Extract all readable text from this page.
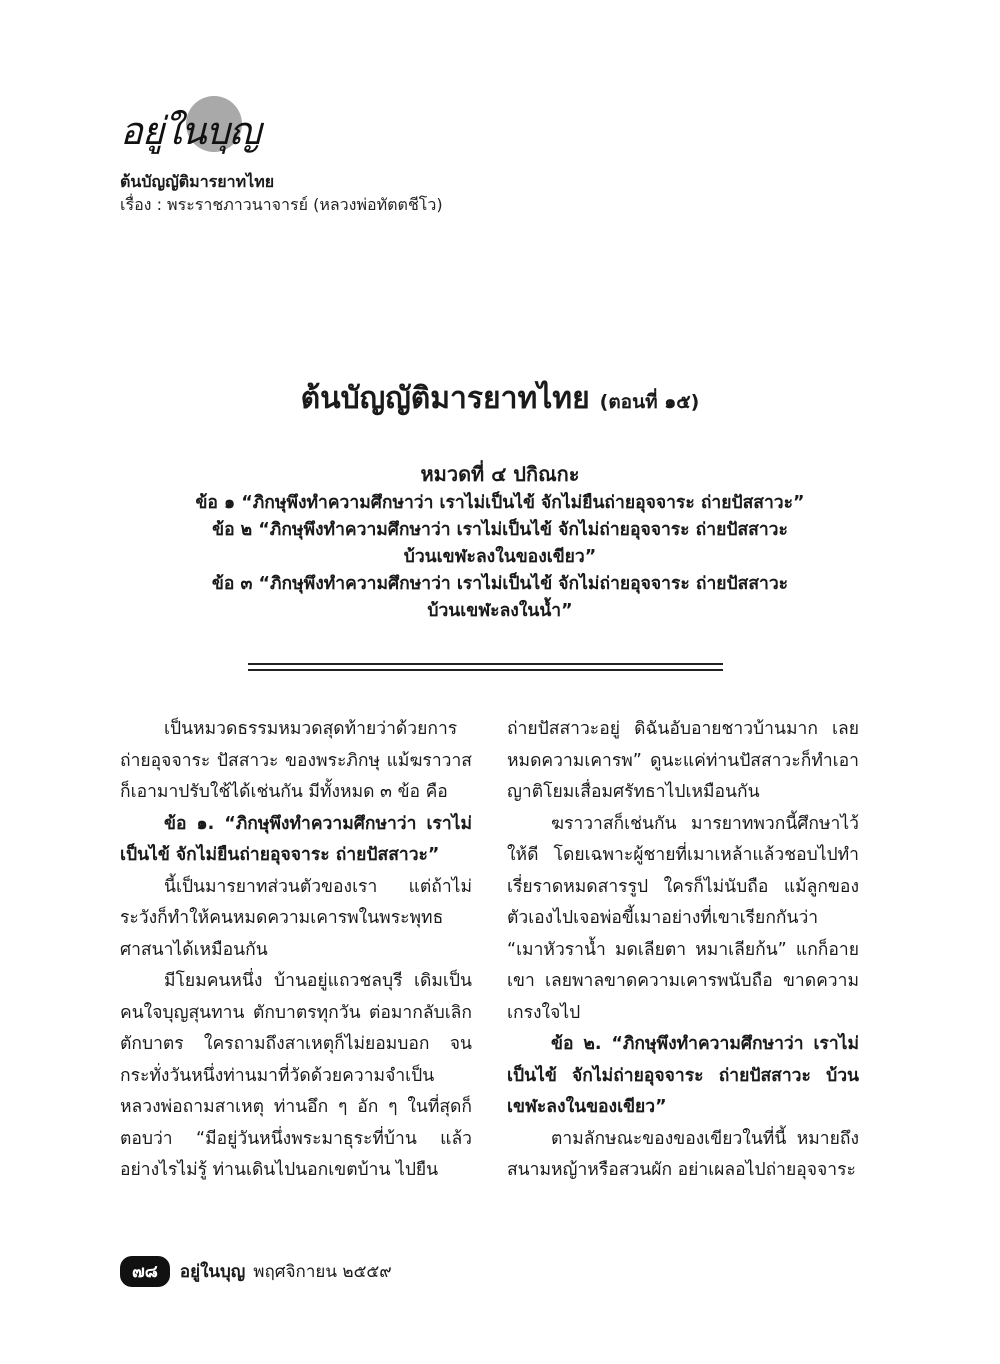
อยู่ในบุญ
ต้นบัญญัติมารยาทไทย
เรื่อง : พระราชภาวนาจารย์ (หลวงพ่อทัตตชีโว)
ต้นบัญญัติมารยาทไทย (ตอนที่ ๑๕)
หมวดที่ ๔ ปกิณกะ

ข้อ ๑ “ภิกษุพึงทำความศึกษาว่า เราไม่เป็นไข้ จักไม่ยืนถ่ายอุจจาระ ถ่ายปัสสาวะ”

ข้อ ๒ “ภิกษุพึงทำความศึกษาว่า เราไม่เป็นไข้ จักไม่ถ่ายอุจจาระ ถ่ายปัสสาวะ

บ้วนเขฬะลงในของเขียว”

ข้อ ๓ “ภิกษุพึงทำความศึกษาว่า เราไม่เป็นไข้ จักไม่ถ่ายอุจจาระ ถ่ายปัสสาวะ

บ้วนเขฬะลงในน้ำ”

เป็นหมวดธรรมหมวดสุดท้ายว่าด้วยการถ่ายอุจจาระ ปัสสาวะ ของพระภิกษุ แม้ฆราวาสก็เอามาปรับใช้ได้เช่นกัน มีทั้งหมด ๓ ข้อ คือ

ข้อ ๑. “ภิกษุพึงทำความศึกษาว่า เราไม่เป็นไข้ จักไม่ยืนถ่ายอุจจาระ ถ่ายปัสสาวะ”

นี้เป็นมารยาทส่วนตัวของเรา แต่ถ้าไม่ระวังก็ทำให้คนหมดความเคารพในพระพุทธศาสนาได้เหมือนกัน

มีโยมคนหนึ่ง บ้านอยู่แถวชลบุรี เดิมเป็นคนใจบุญสุนทาน ตักบาตรทุกวัน ต่อมากลับเลิกตักบาตร ใครถามถึงสาเหตุก็ไม่ยอมบอก จนกระทั่งวันหนึ่งท่านมาที่วัดด้วยความจำเป็น หลวงพ่อถามสาเหตุ ท่านอึก ๆ อัก ๆ ในที่สุดก็ตอบว่า “มีอยู่วันหนึ่งพระมาธุระที่บ้าน แล้วอย่างไรไม่รู้ ท่านเดินไปนอกเขตบ้าน ไปยืน

ถ่ายปัสสาวะอยู่ ดิฉันอับอายชาวบ้านมาก เลยหมดความเคารพ” ดูนะแค่ท่านปัสสาวะก็ทำเอาญาติโยมเสื่อมศรัทธาไปเหมือนกัน

ฆราวาสก็เช่นกัน มารยาทพวกนี้ศึกษาไว้ให้ดี โดยเฉพาะผู้ชายที่เมาเหล้าแล้วชอบไปทำเรี่ยราดหมดสารรูป ใครก็ไม่นับถือ แม้ลูกของตัวเองไปเจอพ่อขี้เมาอย่างที่เขาเรียกกันว่า “เมาหัวราน้ำ มดเลียตา หมาเลียก้น” แกก็อายเขา เลยพาลขาดความเคารพนับถือ ขาดความเกรงใจไป

ข้อ ๒. “ภิกษุพึงทำความศึกษาว่า เราไม่เป็นไข้ จักไม่ถ่ายอุจจาระ ถ่ายปัสสาวะ บ้วนเขฬะลงในของเขียว”

ตามลักษณะของของเขียวในที่นี้ หมายถึงสนามหญ้าหรือสวนผัก อย่าเผลอไปถ่ายอุจจาระ

๗๘	อยู่ในบุญ พฤศจิกายน ๒๕๕๙
